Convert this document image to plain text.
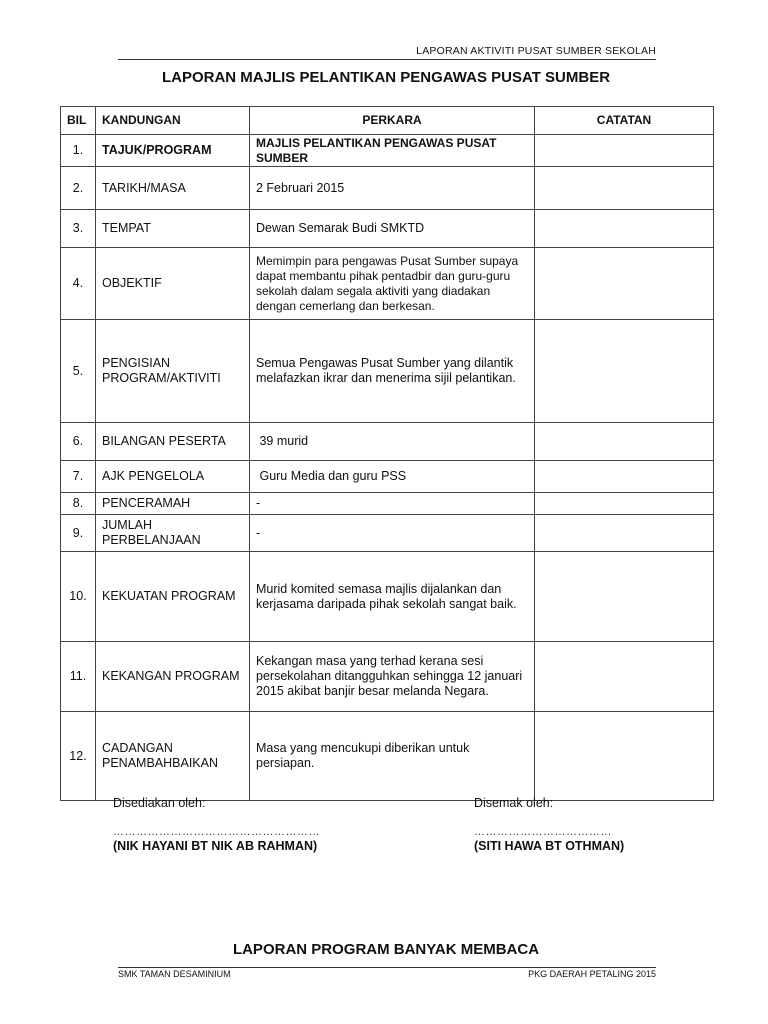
LAPORAN AKTIVITI PUSAT SUMBER SEKOLAH
LAPORAN MAJLIS PELANTIKAN PENGAWAS PUSAT SUMBER
BIL	KANDUNGAN	PERKARA	CATATAN
1.	TAJUK/PROGRAM	MAJLIS PELANTIKAN PENGAWAS PUSAT SUMBER	
2.	TARIKH/MASA	2 Februari 2015	
3.	TEMPAT	Dewan Semarak Budi SMKTD	
4.	OBJEKTIF	Memimpin para pengawas Pusat Sumber supaya dapat membantu pihak pentadbir dan guru-guru sekolah dalam segala aktiviti yang diadakan dengan cemerlang dan berkesan.	
5.	PENGISIAN PROGRAM/AKTIVITI	Semua Pengawas Pusat Sumber yang dilantik melafazkan ikrar dan menerima sijil pelantikan.	
6.	BILANGAN PESERTA	39 murid	
7.	AJK PENGELOLA	Guru Media dan guru PSS	
8.	PENCERAMAH	-	
9.	JUMLAH PERBELANJAAN	-	
10.	KEKUATAN PROGRAM	Murid komited semasa majlis dijalankan dan kerjasama daripada pihak sekolah sangat baik.	
11.	KEKANGAN PROGRAM	Kekangan masa yang terhad kerana sesi persekolahan ditangguhkan sehingga 12 januari 2015 akibat banjir besar melanda Negara.	
12.	CADANGAN PENAMBAHBAIKAN	Masa yang mencukupi diberikan untuk persiapan.	
Disediakan oleh:
………………………………………………
(NIK HAYANI BT NIK AB RAHMAN)
Disemak oleh:
………………………………
(SITI HAWA BT OTHMAN)
LAPORAN PROGRAM BANYAK MEMBACA
SMK TAMAN DESAMINIUM	PKG DAERAH PETALING 2015
